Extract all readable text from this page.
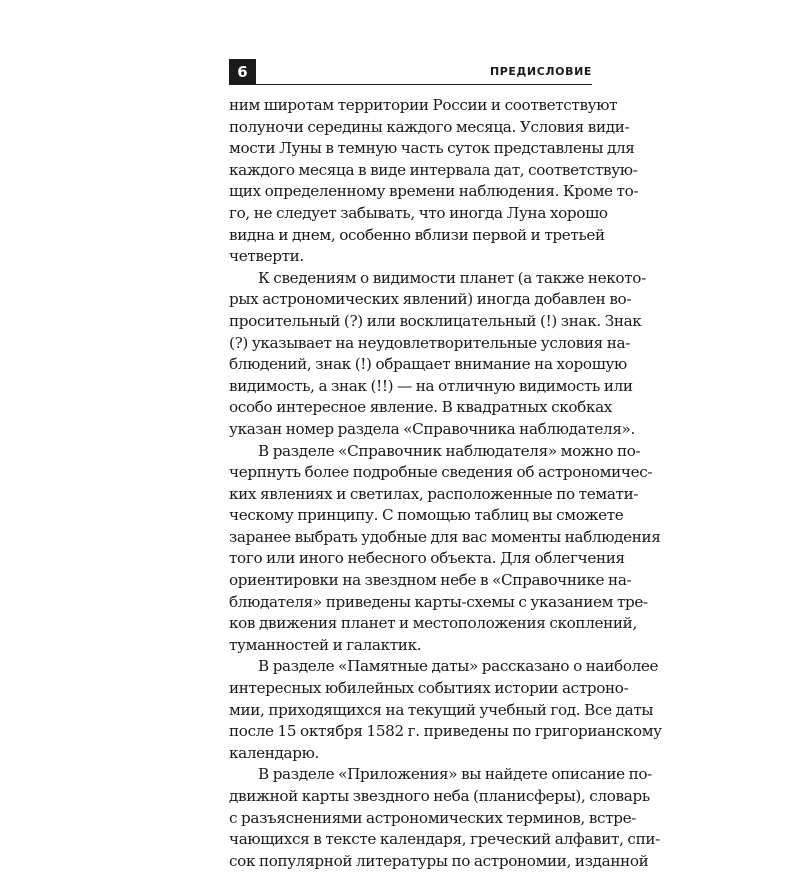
6	ПРЕДИСЛОВИЕ
ним широтам территории России и соответствуют
полуночи середины каждого месяца. Условия види-
мости Луны в темную часть суток представлены для
каждого месяца в виде интервала дат, соответствую-
щих определенному времени наблюдения. Кроме то-
го, не следует забывать, что иногда Луна хорошо
видна и днем, особенно вблизи первой и третьей
четверти.
К сведениям о видимости планет (а также некото-
рых астрономических явлений) иногда добавлен во-
просительный (?) или восклицательный (!) знак. Знак
(?) указывает на неудовлетворительные условия на-
блюдений, знак (!) обращает внимание на хорошую
видимость, а знак (!!) — на отличную видимость или
особо интересное явление. В квадратных скобках
указан номер раздела «Справочника наблюдателя».
В разделе «Справочник наблюдателя» можно по-
черпнуть более подробные сведения об астрономичес-
ких явлениях и светилах, расположенные по темати-
ческому принципу. С помощью таблиц вы сможете
заранее выбрать удобные для вас моменты наблюдения
того или иного небесного объекта. Для облегчения
ориентировки на звездном небе в «Справочнике на-
блюдателя» приведены карты-схемы с указанием тре-
ков движения планет и местоположения скоплений,
туманностей и галактик.
В разделе «Памятные даты» рассказано о наиболее
интересных юбилейных событиях истории астроно-
мии, приходящихся на текущий учебный год. Все даты
после 15 октября 1582 г. приведены по григорианскому
календарю.
В разделе «Приложения» вы найдете описание по-
движной карты звездного неба (планисферы), словарь
с разъяснениями астрономических терминов, встре-
чающихся в тексте календаря, греческий алфавит, спи-
сок популярной литературы по астрономии, изданной
